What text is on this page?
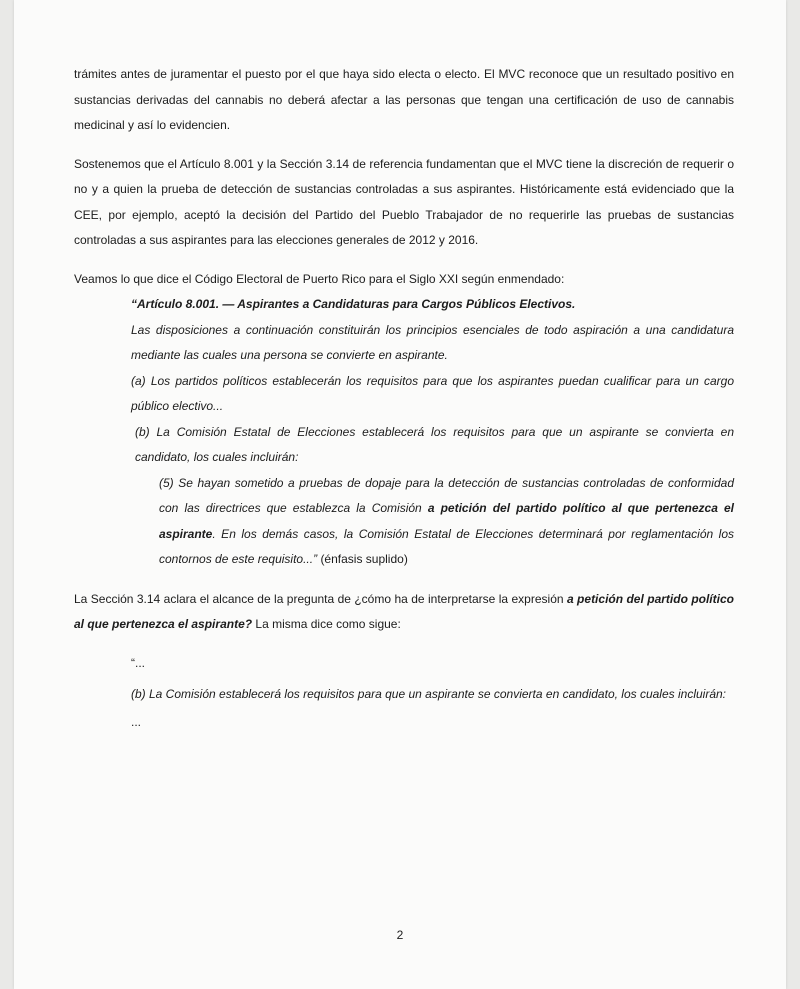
trámites antes de juramentar el puesto por el que haya sido electa o electo. El MVC reconoce que un resultado positivo en sustancias derivadas del cannabis no deberá afectar a las personas que tengan una certificación de uso de cannabis medicinal y así lo evidencien.

Sostenemos que el Artículo 8.001 y la Sección 3.14 de referencia fundamentan que el MVC tiene la discreción de requerir o no y a quien la prueba de detección de sustancias controladas a sus aspirantes. Históricamente está evidenciado que la CEE, por ejemplo, aceptó la decisión del Partido del Pueblo Trabajador de no requerirle las pruebas de sustancias controladas a sus aspirantes para las elecciones generales de 2012 y 2016.

Veamos lo que dice el Código Electoral de Puerto Rico para el Siglo XXI según enmendado:

“Artículo 8.001. — Aspirantes a Candidaturas para Cargos Públicos Electivos.

Las disposiciones a continuación constituirán los principios esenciales de todo aspiración a una candidatura mediante las cuales una persona se convierte en aspirante.

(a) Los partidos políticos establecerán los requisitos para que los aspirantes puedan cualificar para un cargo público electivo...

(b) La Comisión Estatal de Elecciones establecerá los requisitos para que un aspirante se convierta en candidato, los cuales incluirán:

(5) Se hayan sometido a pruebas de dopaje para la detección de sustancias controladas de conformidad con las directrices que establezca la Comisión a petición del partido político al que pertenezca el aspirante. En los demás casos, la Comisión Estatal de Elecciones determinará por reglamentación los contornos de este requisito...” (énfasis suplido)

La Sección 3.14 aclara el alcance de la pregunta de ¿cómo ha de interpretarse la expresión a petición del partido político al que pertenezca el aspirante? La misma dice como sigue:

“...

(b) La Comisión establecerá los requisitos para que un aspirante se convierta en candidato, los cuales incluirán:

...

2
